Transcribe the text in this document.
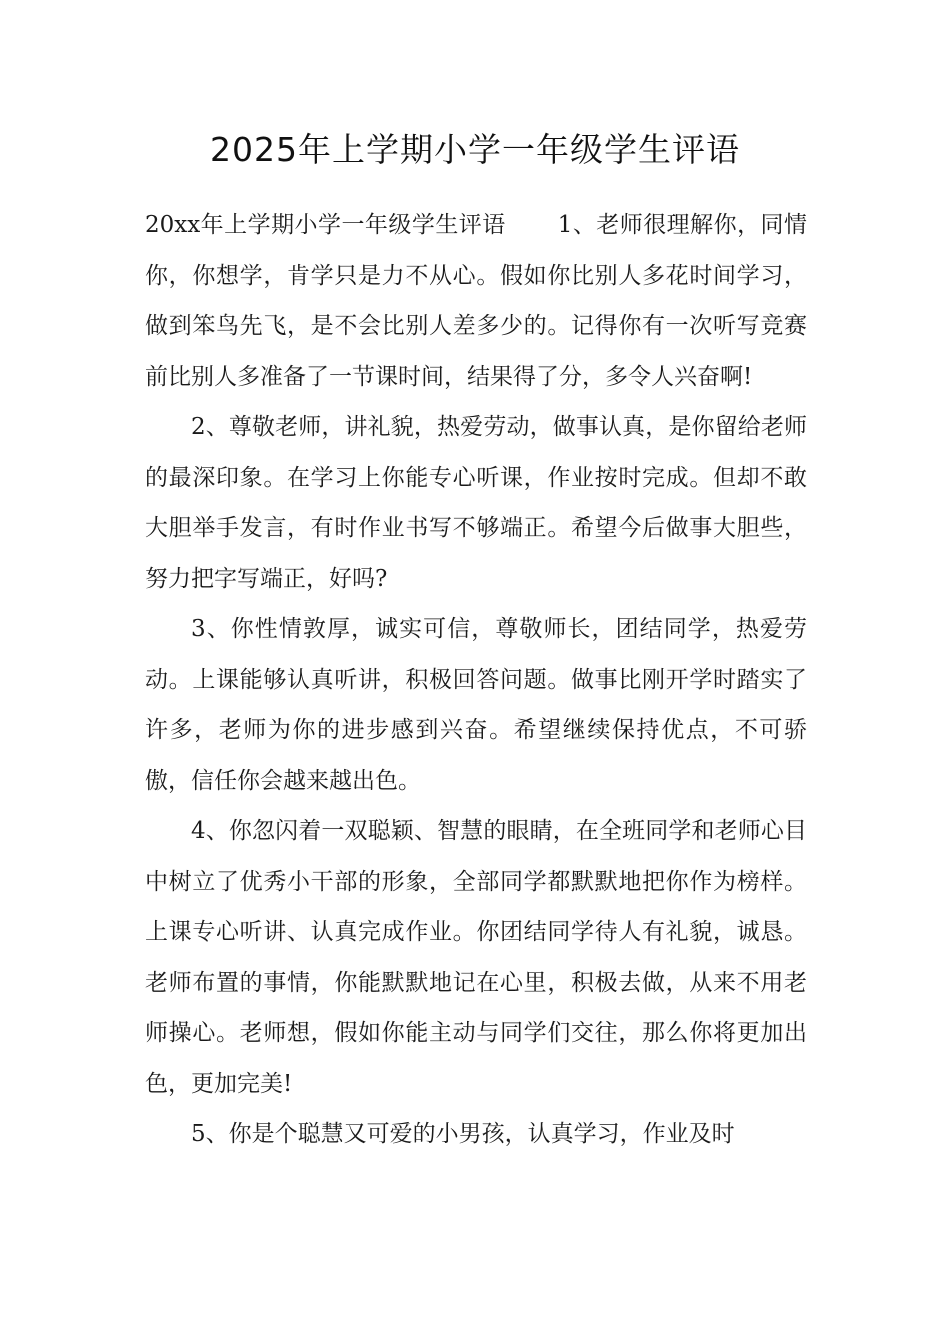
2025年上学期小学一年级学生评语

20xx年上学期小学一年级学生评语 1、老师很理解你，同情你，你想学，肯学只是力不从心。假如你比别人多花时间学习，做到笨鸟先飞，是不会比别人差多少的。记得你有一次听写竞赛前比别人多准备了一节课时间，结果得了分，多令人兴奋啊!

2、尊敬老师，讲礼貌，热爱劳动，做事认真，是你留给老师的最深印象。在学习上你能专心听课，作业按时完成。但却不敢大胆举手发言，有时作业书写不够端正。希望今后做事大胆些，努力把字写端正，好吗?

3、你性情敦厚，诚实可信，尊敬师长，团结同学，热爱劳动。上课能够认真听讲，积极回答问题。做事比刚开学时踏实了许多，老师为你的进步感到兴奋。希望继续保持优点，不可骄傲，信任你会越来越出色。

4、你忽闪着一双聪颖、智慧的眼睛，在全班同学和老师心目中树立了优秀小干部的形象，全部同学都默默地把你作为榜样。上课专心听讲、认真完成作业。你团结同学待人有礼貌，诚恳。老师布置的事情，你能默默地记在心里，积极去做，从来不用老师操心。老师想，假如你能主动与同学们交往，那么你将更加出色，更加完美!

5、你是个聪慧又可爱的小男孩，认真学习，作业及时
